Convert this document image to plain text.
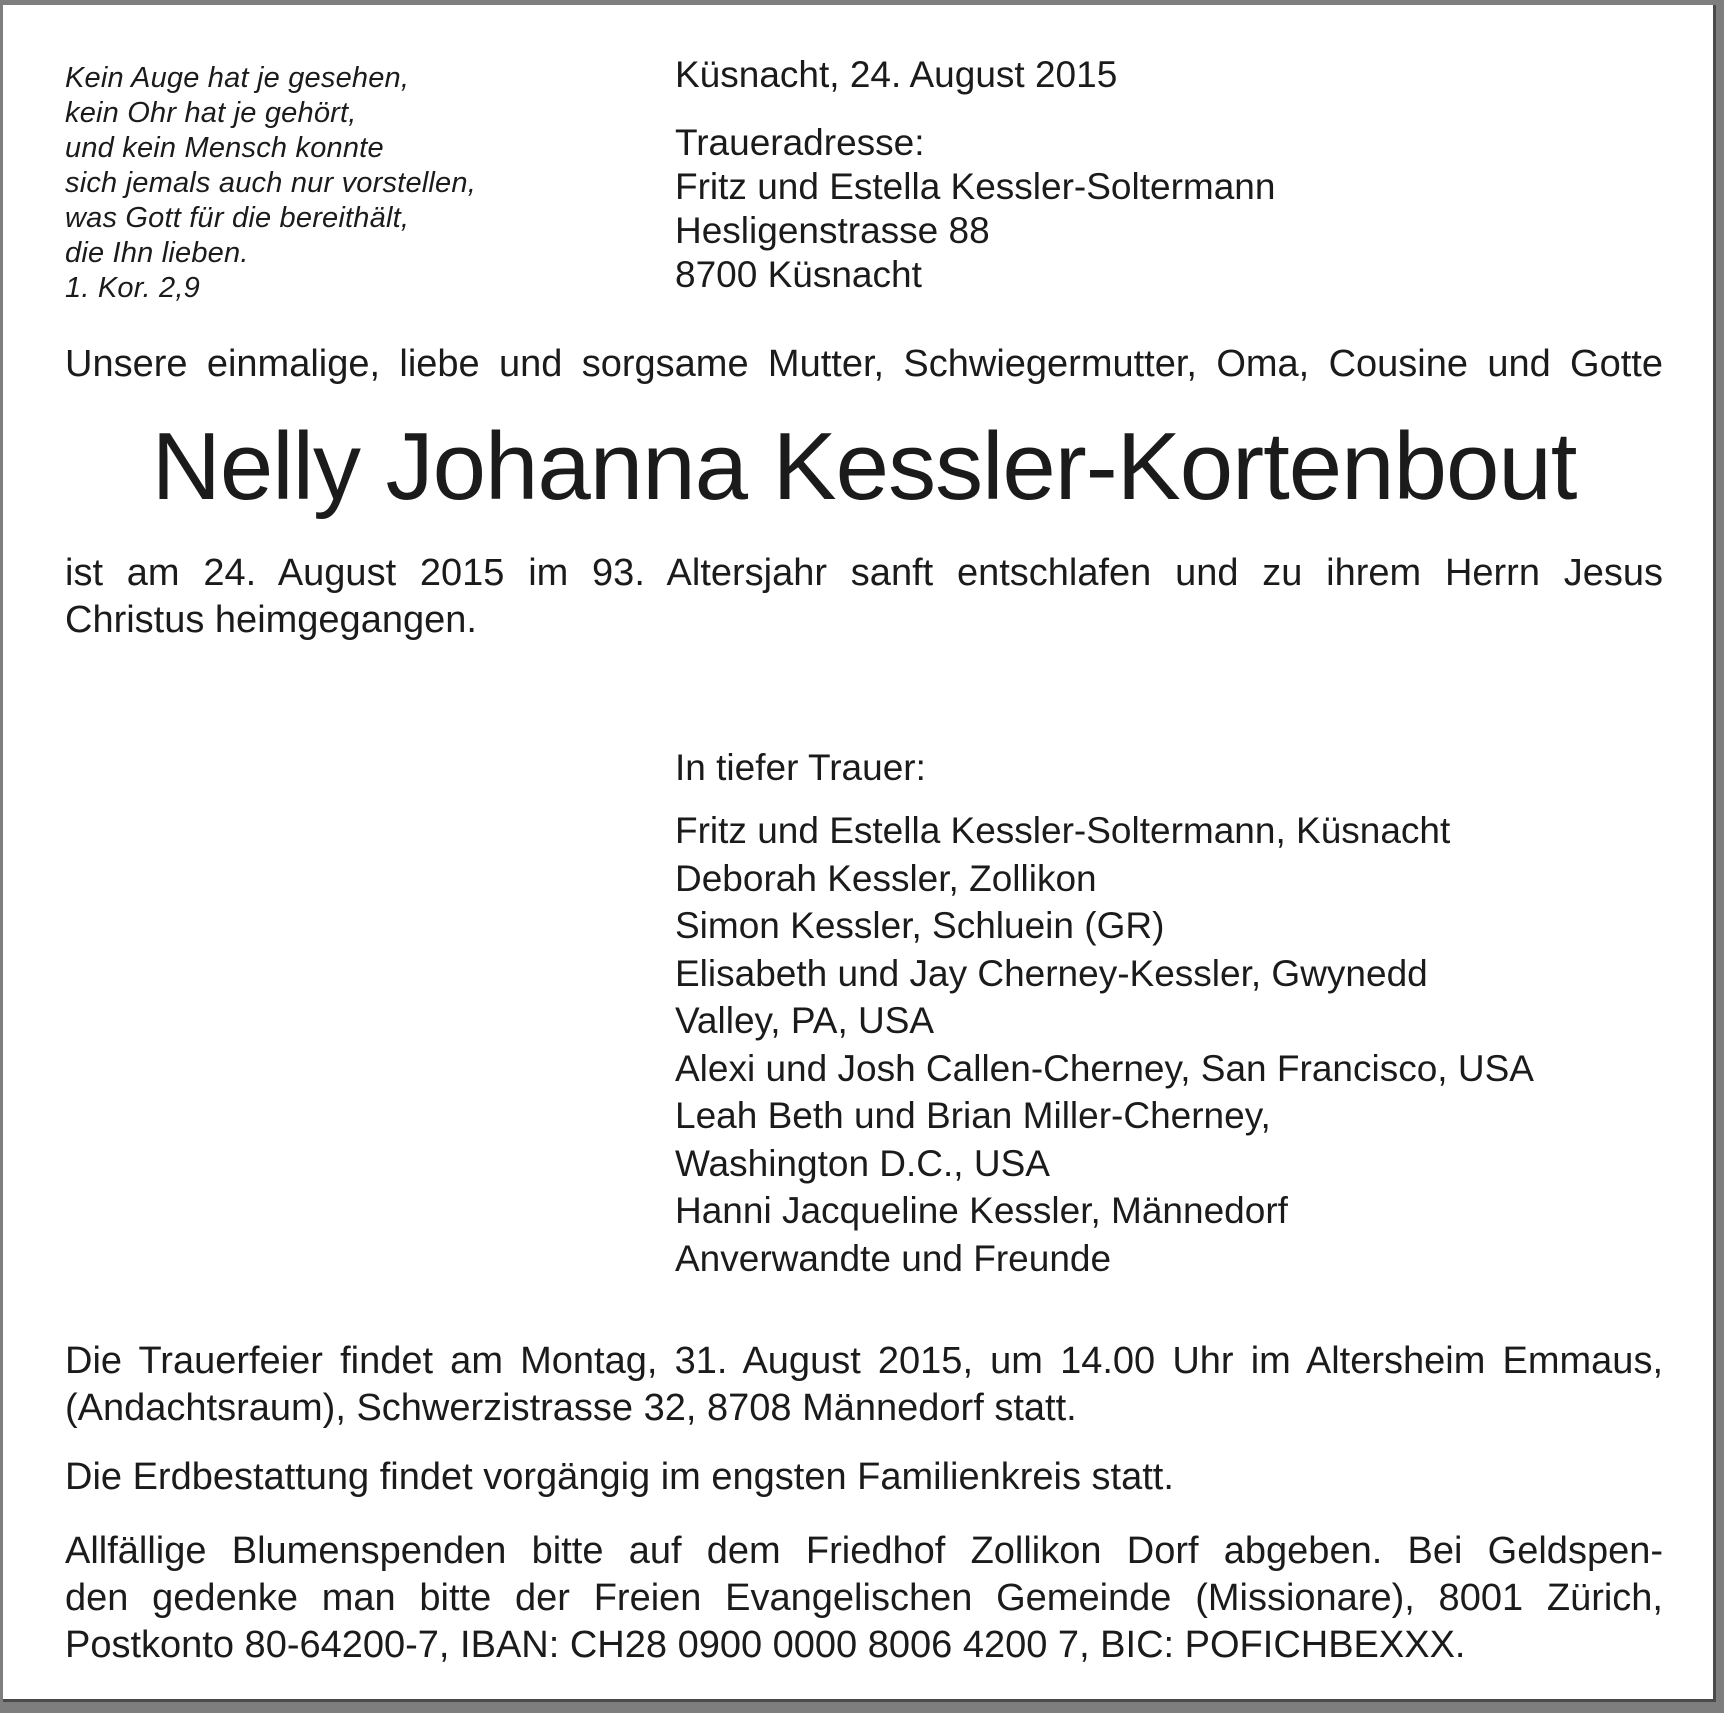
Kein Auge hat je gesehen,
kein Ohr hat je gehört,
und kein Mensch konnte
sich jemals auch nur vorstellen,
was Gott für die bereithält,
die Ihn lieben.
1. Kor. 2,9
Küsnacht, 24. August 2015
Traueradresse:
Fritz und Estella Kessler-Soltermann
Hesligenstrasse 88
8700 Küsnacht
Unsere einmalige, liebe und sorgsame Mutter, Schwiegermutter, Oma, Cousine und Gotte
Nelly Johanna Kessler-Kortenbout
ist am 24. August 2015 im 93. Altersjahr sanft entschlafen und zu ihrem Herrn Jesus
Christus heimgegangen.
In tiefer Trauer:
Fritz und Estella Kessler-Soltermann, Küsnacht
Deborah Kessler, Zollikon
Simon Kessler, Schluein (GR)
Elisabeth und Jay Cherney-Kessler, Gwynedd
Valley, PA, USA
Alexi und Josh Callen-Cherney, San Francisco, USA
Leah Beth und Brian Miller-Cherney,
Washington D.C., USA
Hanni Jacqueline Kessler, Männedorf
Anverwandte und Freunde
Die Trauerfeier findet am Montag, 31. August 2015, um 14.00 Uhr im Altersheim Emmaus,
(Andachtsraum), Schwerzistrasse 32, 8708 Männedorf statt.
Die Erdbestattung findet vorgängig im engsten Familienkreis statt.
Allfällige Blumenspenden bitte auf dem Friedhof Zollikon Dorf abgeben. Bei Geldspen-
den gedenke man bitte der Freien Evangelischen Gemeinde (Missionare), 8001 Zürich,
Postkonto 80-64200-7, IBAN: CH28 0900 0000 8006 4200 7, BIC: POFICHBEXXX.
